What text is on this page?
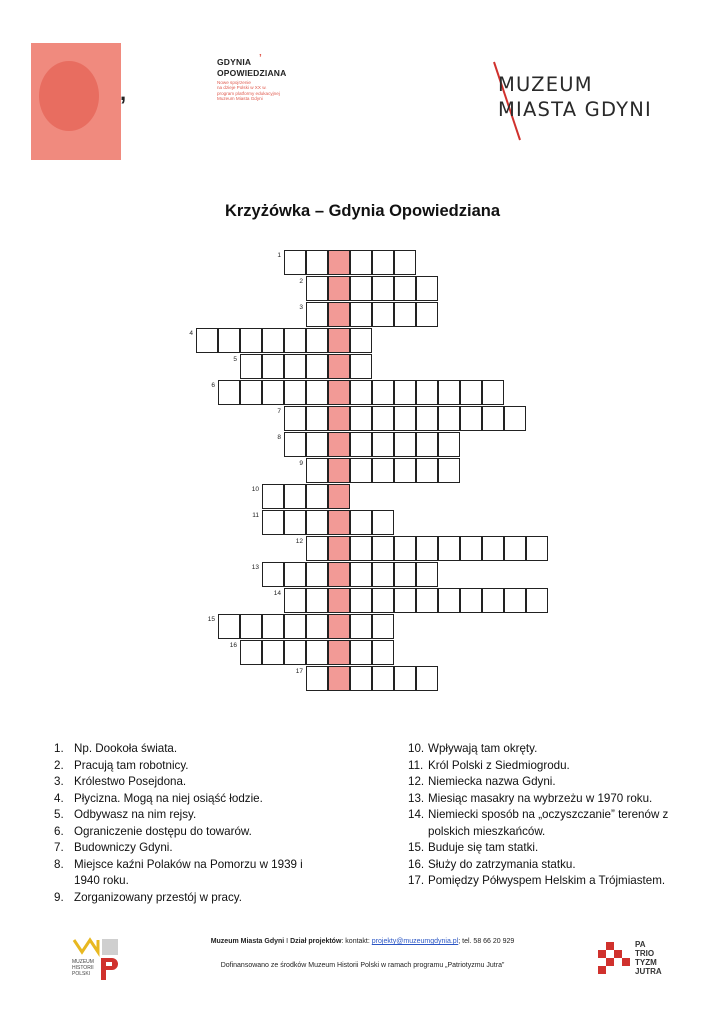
GDYNIA ’
OPOWIEDZIANA
Nowe spojrzenie
na dzieje Polski w XX w.
program platformy edukacyjnej
Muzeum Miasta Gdyni
,	MUZEUM
MIASTA GDYNI
Krzyżówka – Gdynia Opowiedziana
1
2
3
4
5
6
7
8
9
10
11
12
13
14
15
16
17
1. Np. Dookoła świata.
2. Pracują tam robotnicy.
3. Królestwo Posejdona.
4. Płycizna. Mogą na niej osiąść łodzie.
5. Odbywasz na nim rejsy.
6. Ograniczenie dostępu do towarów.
7. Budowniczy Gdyni.
8. Miejsce kaźni Polaków na Pomorzu w 1939 i
1940 roku.
9. Zorganizowany przestój w pracy.
10. Wpływają tam okręty.
11. Król Polski z Siedmiogrodu.
12. Niemiecka nazwa Gdyni.
13. Miesiąc masakry na wybrzeżu w 1970 roku.
14. Niemiecki sposób na „oczyszczanie” terenów z
polskich mieszkańców.
15. Buduje się tam statki.
16. Służy do zatrzymania statku.
17. Pomiędzy Półwyspem Helskim a Trójmiastem.
Muzeum Miasta Gdyni I Dział projektów: kontakt: projekty@muzeumgdynia.pl; tel. 58 66 20 929
Dofinansowano ze środków Muzeum Historii Polski w ramach programu „Patriotyzmu Jutra”
MUZEUM
HISTORII
POLSKI
PA
TRIO
TYZM
JUTRA
